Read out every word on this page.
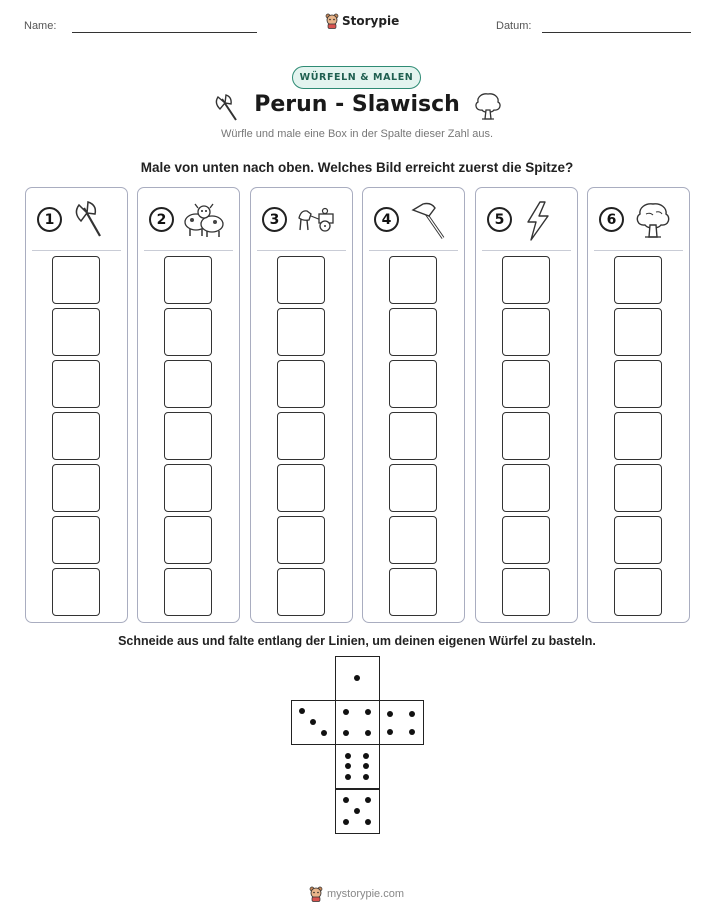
Name:	Storypie	Datum:
WÜRFELN & MALEN
Perun - Slawisch
Würfle und male eine Box in der Spalte dieser Zahl aus.
Male von unten nach oben. Welches Bild erreicht zuerst die Spitze?
1	2	3	4	5	6
Schneide aus und falte entlang der Linien, um deinen eigenen Würfel zu basteln.
mystorypie.com
